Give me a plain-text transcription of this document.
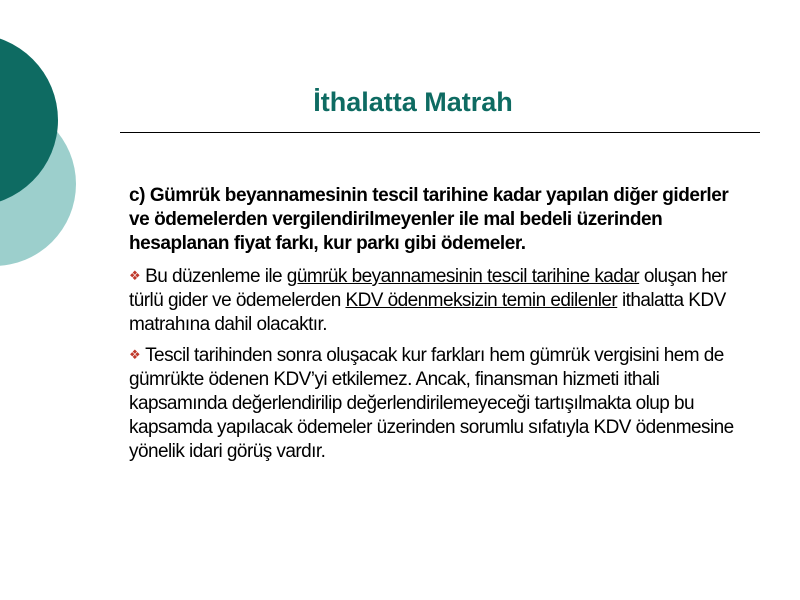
İthalatta Matrah

c) Gümrük beyannamesinin tescil tarihine kadar yapılan diğer giderler ve ödemelerden vergilendirilmeyenler ile mal bedeli üzerinden hesaplanan fiyat farkı, kur parkı gibi ödemeler.

❖ Bu düzenleme ile gümrük beyannamesinin tescil tarihine kadar oluşan her türlü gider ve ödemelerden KDV ödenmeksizin temin edilenler ithalatta KDV matrahına dahil olacaktır.

❖ Tescil tarihinden sonra oluşacak kur farkları hem gümrük vergisini hem de gümrükte ödenen KDV’yi etkilemez. Ancak, finansman hizmeti ithali kapsamında değerlendirilip değerlendirilemeyeceği tartışılmakta olup bu kapsamda yapılacak ödemeler üzerinden sorumlu sıfatıyla KDV ödenmesine yönelik idari görüş vardır.
